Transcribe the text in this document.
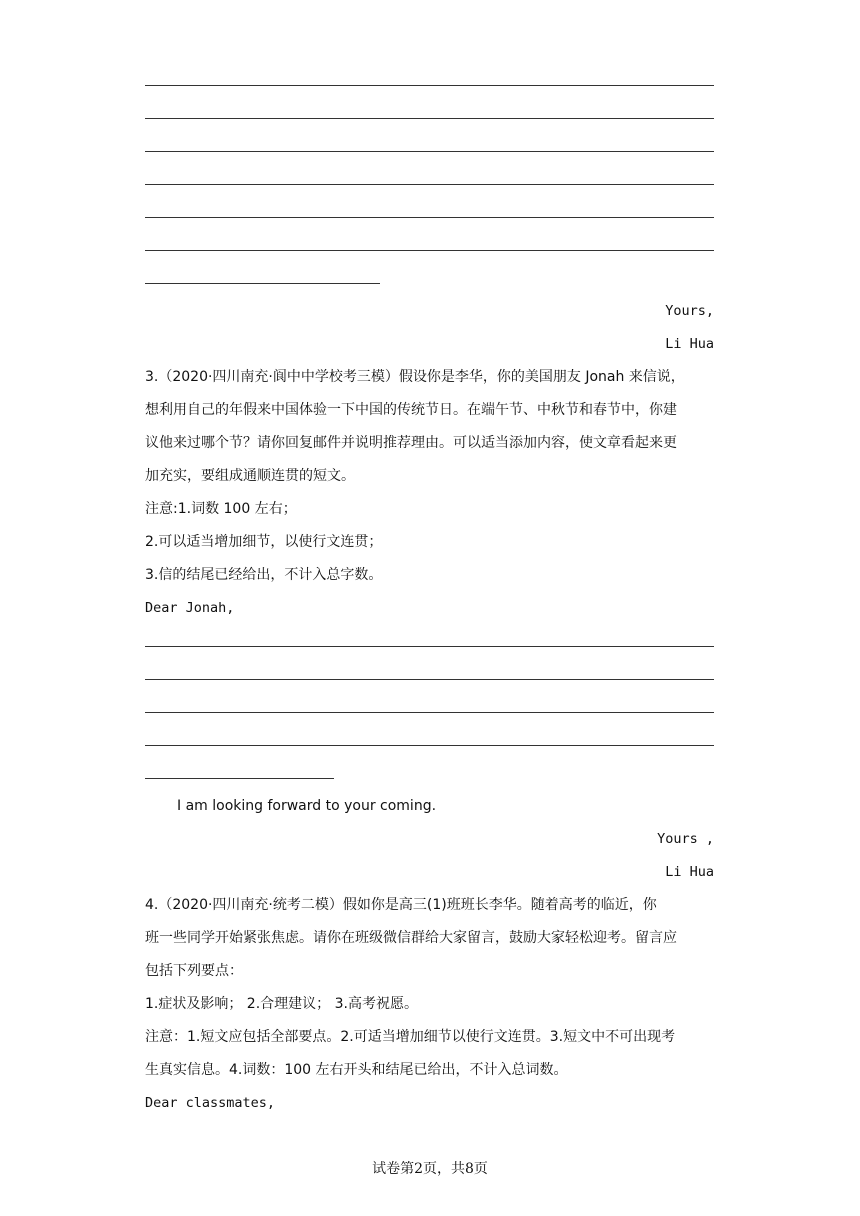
Yours,
Li Hua
3.（2020·四川南充·阆中中学校考三模）假设你是李华，你的美国朋友 Jonah 来信说，
想利用自己的年假来中国体验一下中国的传统节日。在端午节、中秋节和春节中，你建
议他来过哪个节？请你回复邮件并说明推荐理由。可以适当添加内容，使文章看起来更
加充实，要组成通顺连贯的短文。
注意:1.词数 100 左右；
2.可以适当增加细节，以使行文连贯；
3.信的结尾已经给出，不计入总字数。
Dear Jonah,
I am looking forward to your coming.
Yours ,
Li Hua
4.（2020·四川南充·统考二模）假如你是高三(1)班班长李华。随着高考的临近，你
班一些同学开始紧张焦虑。请你在班级微信群给大家留言，鼓励大家轻松迎考。留言应
包括下列要点：
1.症状及影响； 2.合理建议； 3.高考祝愿。
注意：1.短文应包括全部要点。2.可适当增加细节以使行文连贯。3.短文中不可出现考
生真实信息。4.词数：100 左右开头和结尾已给出，不计入总词数。
Dear classmates,
试卷第2页，共8页
